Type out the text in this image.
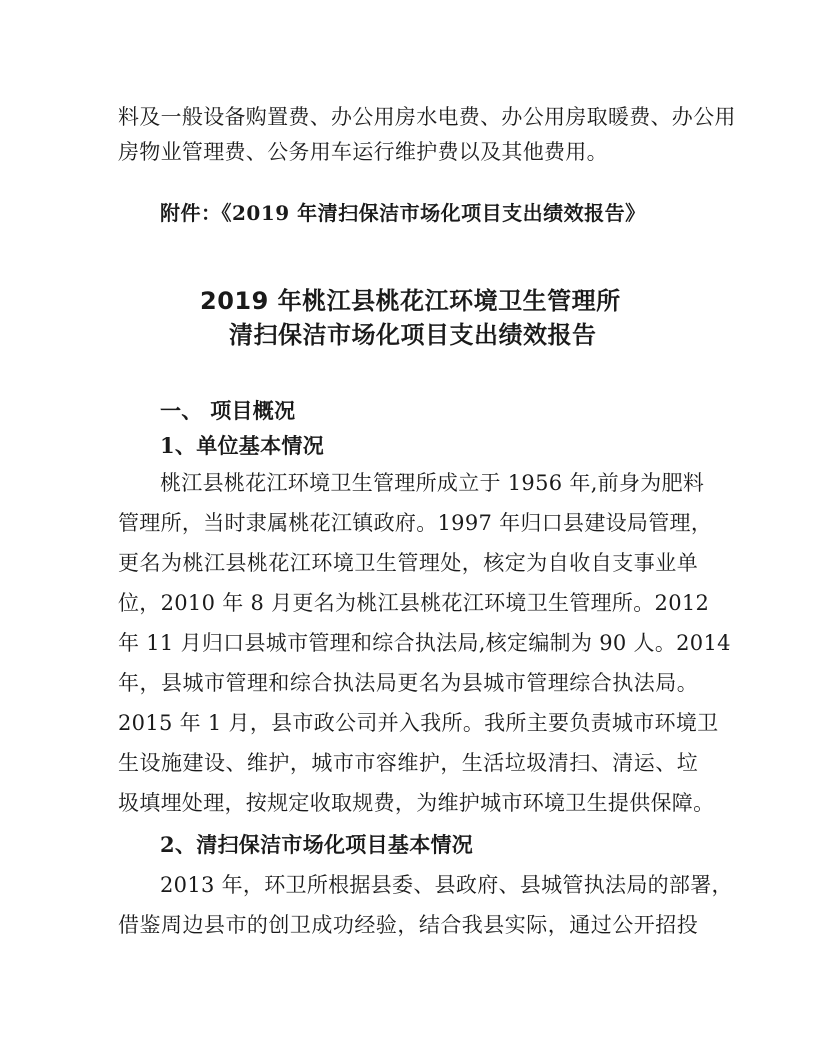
料及一般设备购置费、办公用房水电费、办公用房取暖费、办公用
房物业管理费、公务用车运行维护费以及其他费用。
附件：《2019 年清扫保洁市场化项目支出绩效报告》
2019 年桃江县桃花江环境卫生管理所
清扫保洁市场化项目支出绩效报告
一、 项目概况
1、单位基本情况
桃江县桃花江环境卫生管理所成立于 1956 年,前身为肥料
管理所，当时隶属桃花江镇政府。1997 年归口县建设局管理，
更名为桃江县桃花江环境卫生管理处，核定为自收自支事业单
位，2010 年 8 月更名为桃江县桃花江环境卫生管理所。2012
年 11 月归口县城市管理和综合执法局,核定编制为 90 人。2014
年，县城市管理和综合执法局更名为县城市管理综合执法局。
2015 年 1 月，县市政公司并入我所。我所主要负责城市环境卫
生设施建设、维护，城市市容维护，生活垃圾清扫、清运、垃
圾填埋处理，按规定收取规费，为维护城市环境卫生提供保障。
2、清扫保洁市场化项目基本情况
2013 年，环卫所根据县委、县政府、县城管执法局的部署，
借鉴周边县市的创卫成功经验，结合我县实际，通过公开招投
